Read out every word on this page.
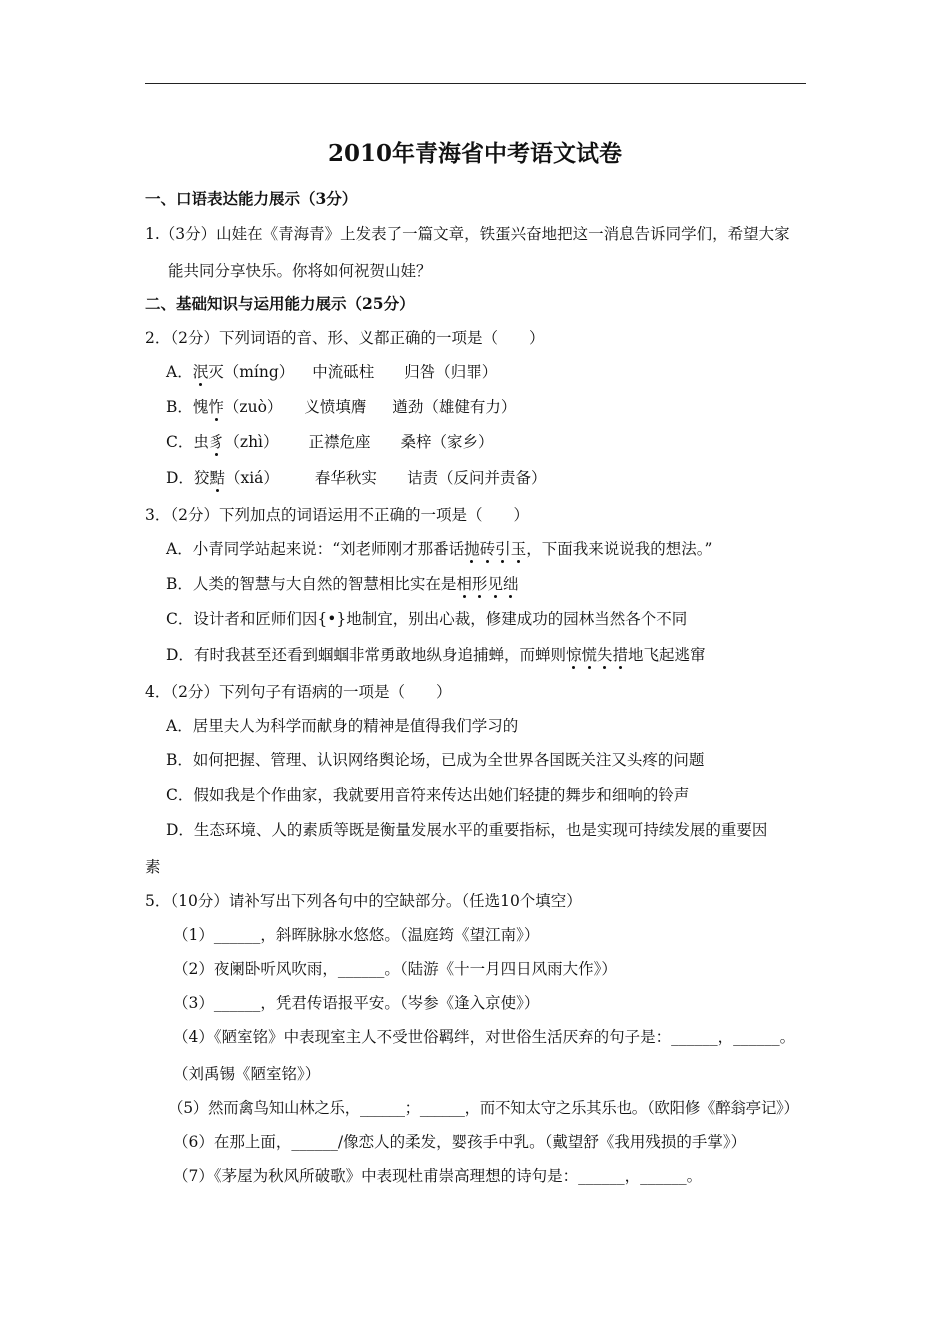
2010年青海省中考语文试卷
一、口语表达能力展示（3分）
1.（3分）山娃在《青海青》上发表了一篇文章，铁蛋兴奋地把这一消息告诉同学们，希望大家
能共同分享快乐。你将如何祝贺山娃？
二、基础知识与运用能力展示（25分）
2．（2分）下列词语的音、形、义都正确的一项是（　　）
A．泯灭（míng） 中流砥柱 归咎（归罪）
B．愧怍（zuò） 义愤填膺 遒劲（雄健有力）
C．虫豸（zhì） 正襟危座 桑梓（家乡）
D．狡黠（xiá） 春华秋实 诘责（反问并责备）
3．（2分）下列加点的词语运用不正确的一项是（　　）
A．小青同学站起来说：“刘老师刚才那番话抛砖引玉，下面我来说说我的想法。”
B．人类的智慧与大自然的智慧相比实在是相形见绌
C．设计者和匠师们因{•}地制宜，别出心裁，修建成功的园林当然各个不同
D．有时我甚至还看到蝈蝈非常勇敢地纵身追捕蝉，而蝉则惊慌失措地飞起逃窜
4．（2分）下列句子有语病的一项是（　　）
A．居里夫人为科学而献身的精神是值得我们学习的
B．如何把握、管理、认识网络舆论场，已成为全世界各国既关注又头疼的问题
C．假如我是个作曲家，我就要用音符来传达出她们轻捷的舞步和细响的铃声
D．生态环境、人的素质等既是衡量发展水平的重要指标，也是实现可持续发展的重要因
素
5．（10分）请补写出下列各句中的空缺部分。（任选10个填空）
（1）______，斜晖脉脉水悠悠。（温庭筠《望江南》）
（2）夜阑卧听风吹雨，______。（陆游《十一月四日风雨大作》）
（3）______，凭君传语报平安。（岑参《逢入京使》）
（4）《陋室铭》中表现室主人不受世俗羁绊，对世俗生活厌弃的句子是：______，______。
（刘禹锡《陋室铭》）
（5）然而禽鸟知山林之乐，______；______，而不知太守之乐其乐也。（欧阳修《醉翁亭记》）
（6）在那上面，______/像恋人的柔发，婴孩手中乳。（戴望舒《我用残损的手掌》）
（7）《茅屋为秋风所破歌》中表现杜甫崇高理想的诗句是：______，______。
